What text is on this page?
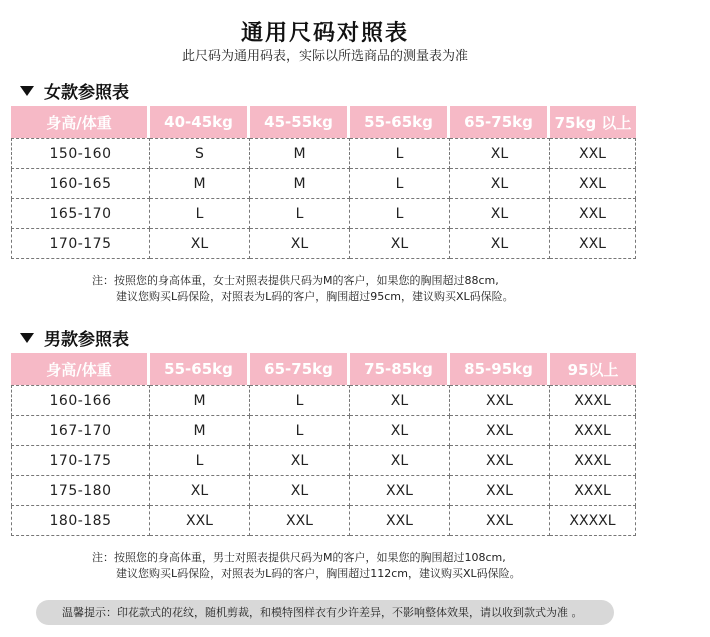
通用尺码对照表
此尺码为通用码表，实际以所选商品的测量表为准
女款参照表
身高/体重	40-45kg	45-55kg	55-65kg	65-75kg	75kg 以上
150-160	S	M	L	XL	XXL
160-165	M	M	L	XL	XXL
165-170	L	L	L	XL	XXL
170-175	XL	XL	XL	XL	XXL
注：按照您的身高体重，女士对照表提供尺码为M的客户，如果您的胸围超过88cm,
建议您购买L码保险，对照表为L码的客户，胸围超过95cm，建议购买XL码保险。
男款参照表
身高/体重	55-65kg	65-75kg	75-85kg	85-95kg	95以上
160-166	M	L	XL	XXL	XXXL
167-170	M	L	XL	XXL	XXXL
170-175	L	XL	XL	XXL	XXXL
175-180	XL	XL	XXL	XXL	XXXL
180-185	XXL	XXL	XXL	XXL	XXXXL
注：按照您的身高体重，男士对照表提供尺码为M的客户，如果您的胸围超过108cm,
建议您购买L码保险，对照表为L码的客户，胸围超过112cm，建议购买XL码保险。
温馨提示：印花款式的花纹，随机剪裁，和模特图样衣有少许差异，不影响整体效果，请以收到款式为准 。
